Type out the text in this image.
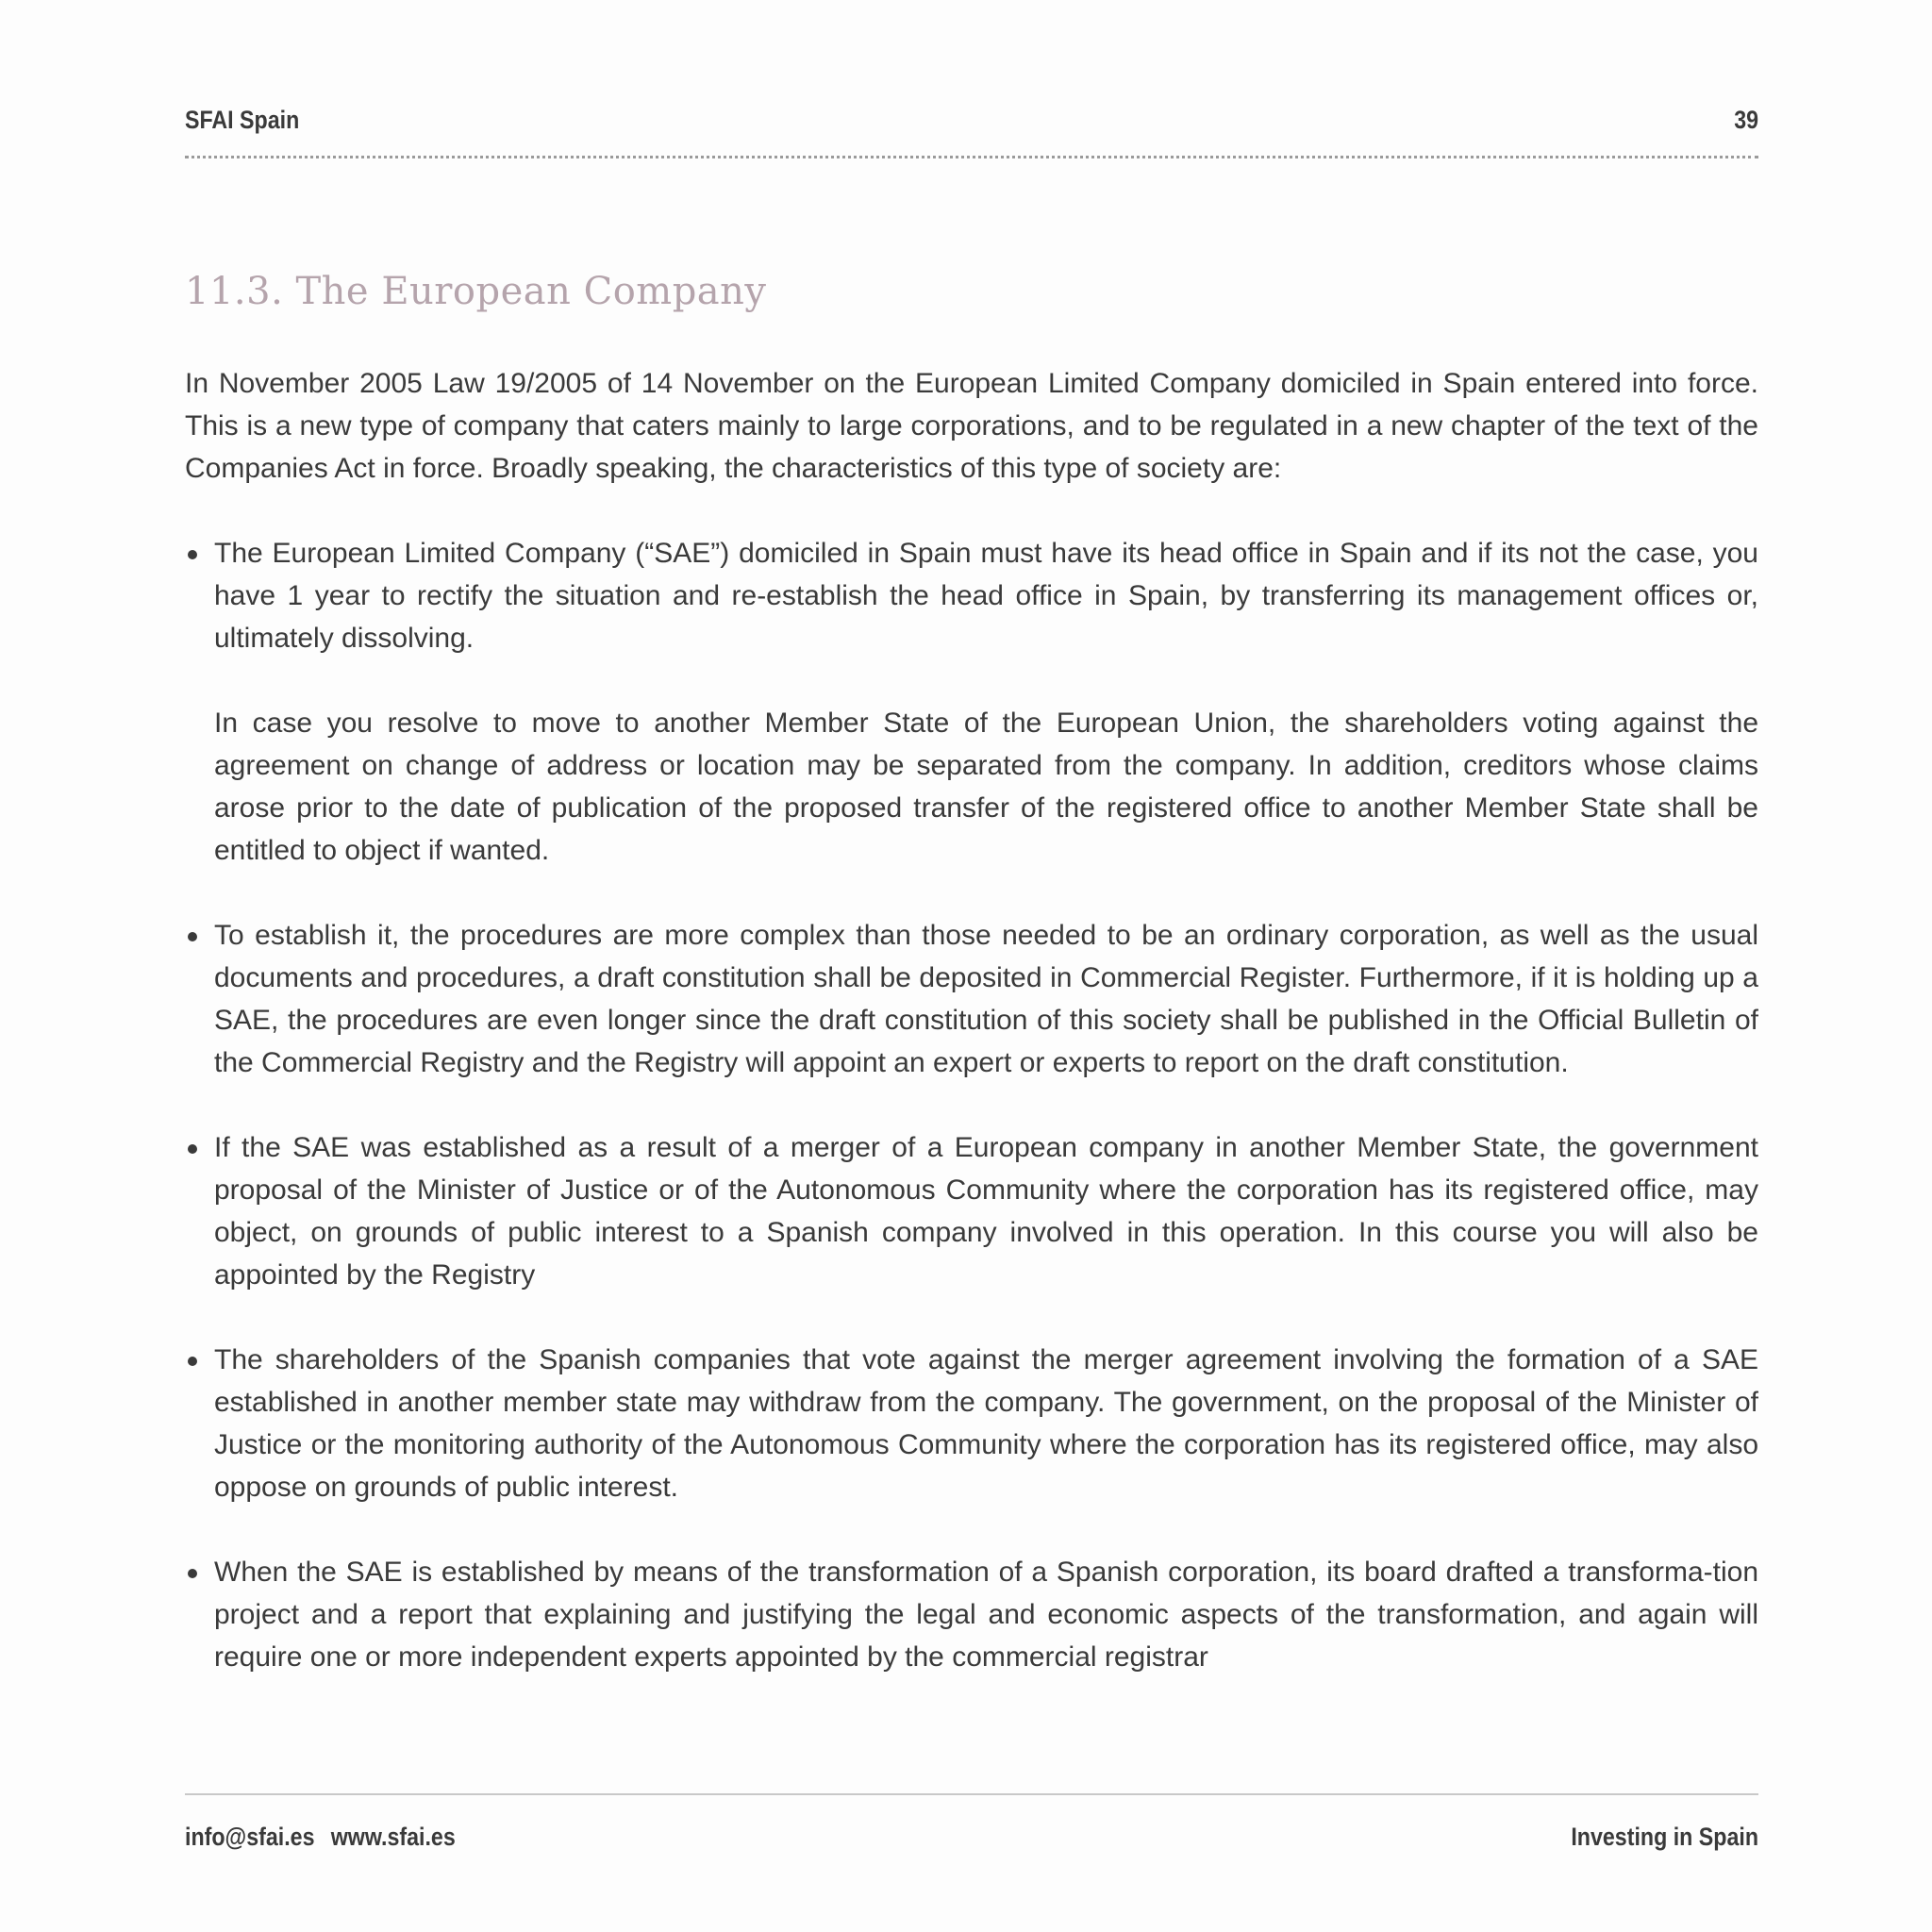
SFAI Spain	39
11.3. The European Company

In November 2005 Law 19/2005 of 14 November on the European Limited Company domiciled in Spain entered into force. This is a new type of company that caters mainly to large corporations, and to be regulated in a new chapter of the text of the Companies Act in force. Broadly speaking, the characteristics of this type of society are:

The European Limited Company (“SAE”) domiciled in Spain must have its head office in Spain and if its not the case, you have 1 year to rectify the situation and re-establish the head office in Spain, by transferring its management offices or, ultimately dissolving.

In case you resolve to move to another Member State of the European Union, the shareholders voting against the agreement on change of address or location may be separated from the company. In addition, creditors whose claims arose prior to the date of publication of the proposed transfer of the registered office to another Member State shall be entitled to object if wanted.

To establish it, the procedures are more complex than those needed to be an ordinary corporation, as well as the usual documents and procedures, a draft constitution shall be deposited in Commercial Register. Furthermore, if it is holding up a SAE, the procedures are even longer since the draft constitution of this society shall be published in the Official Bulletin of the Commercial Registry and the Registry will appoint an expert or experts to report on the draft constitution.

If the SAE was established as a result of a merger of a European company in another Member State, the government proposal of the Minister of Justice or of the Autonomous Community where the corporation has its registered office, may object, on grounds of public interest to a Spanish company involved in this operation. In this course you will also be appointed by the Registry

The shareholders of the Spanish companies that vote against the merger agreement involving the formation of a SAE established in another member state may withdraw from the company. The government, on the proposal of the Minister of Justice or the monitoring authority of the Autonomous Community where the corporation has its registered office, may also oppose on grounds of public interest.

When the SAE is established by means of the transformation of a Spanish corporation, its board drafted a transforma-tion project and a report that explaining and justifying the legal and economic aspects of the transformation, and again will require one or more independent experts appointed by the commercial registrar

info@sfai.es www.sfai.es	Investing in Spain
